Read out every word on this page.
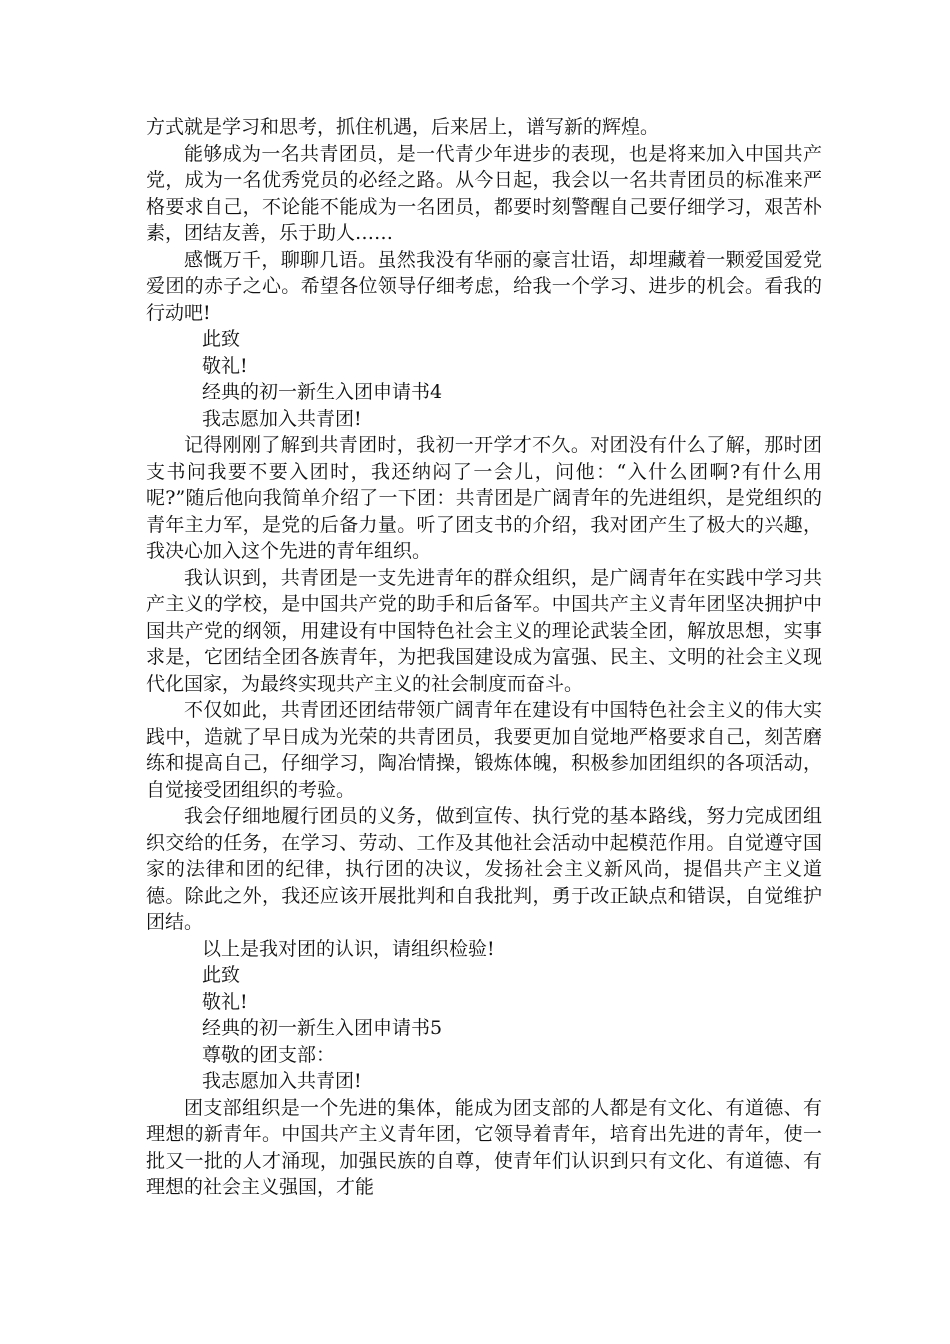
方式就是学习和思考，抓住机遇，后来居上，谱写新的辉煌。

能够成为一名共青团员，是一代青少年进步的表现，也是将来加入中国共产党，成为一名优秀党员的必经之路。从今日起，我会以一名共青团员的标准来严格要求自己，不论能不能成为一名团员，都要时刻警醒自己要仔细学习，艰苦朴素，团结友善，乐于助人……

感慨万千，聊聊几语。虽然我没有华丽的豪言壮语，却埋藏着一颗爱国爱党爱团的赤子之心。希望各位领导仔细考虑，给我一个学习、进步的机会。看我的行动吧!

此致

敬礼!

经典的初一新生入团申请书4

我志愿加入共青团!

记得刚刚了解到共青团时，我初一开学才不久。对团没有什么了解，那时团支书问我要不要入团时，我还纳闷了一会儿，问他：“入什么团啊?有什么用呢?”随后他向我简单介绍了一下团：共青团是广阔青年的先进组织，是党组织的青年主力军，是党的后备力量。听了团支书的介绍，我对团产生了极大的兴趣，我决心加入这个先进的青年组织。

我认识到，共青团是一支先进青年的群众组织，是广阔青年在实践中学习共产主义的学校，是中国共产党的助手和后备军。中国共产主义青年团坚决拥护中国共产党的纲领，用建设有中国特色社会主义的理论武装全团，解放思想，实事求是，它团结全团各族青年，为把我国建设成为富强、民主、文明的社会主义现代化国家，为最终实现共产主义的社会制度而奋斗。

不仅如此，共青团还团结带领广阔青年在建设有中国特色社会主义的伟大实践中，造就了早日成为光荣的共青团员，我要更加自觉地严格要求自己，刻苦磨练和提高自己，仔细学习，陶冶情操，锻炼体魄，积极参加团组织的各项活动，自觉接受团组织的考验。

我会仔细地履行团员的义务，做到宣传、执行党的基本路线，努力完成团组织交给的任务，在学习、劳动、工作及其他社会活动中起模范作用。自觉遵守国家的法律和团的纪律，执行团的决议，发扬社会主义新风尚，提倡共产主义道德。除此之外，我还应该开展批判和自我批判，勇于改正缺点和错误，自觉维护团结。

以上是我对团的认识，请组织检验!

此致

敬礼!

经典的初一新生入团申请书5

尊敬的团支部：

我志愿加入共青团!

团支部组织是一个先进的集体，能成为团支部的人都是有文化、有道德、有理想的新青年。中国共产主义青年团，它领导着青年，培育出先进的青年，使一批又一批的人才涌现，加强民族的自尊，使青年们认识到只有文化、有道德、有理想的社会主义强国，才能
